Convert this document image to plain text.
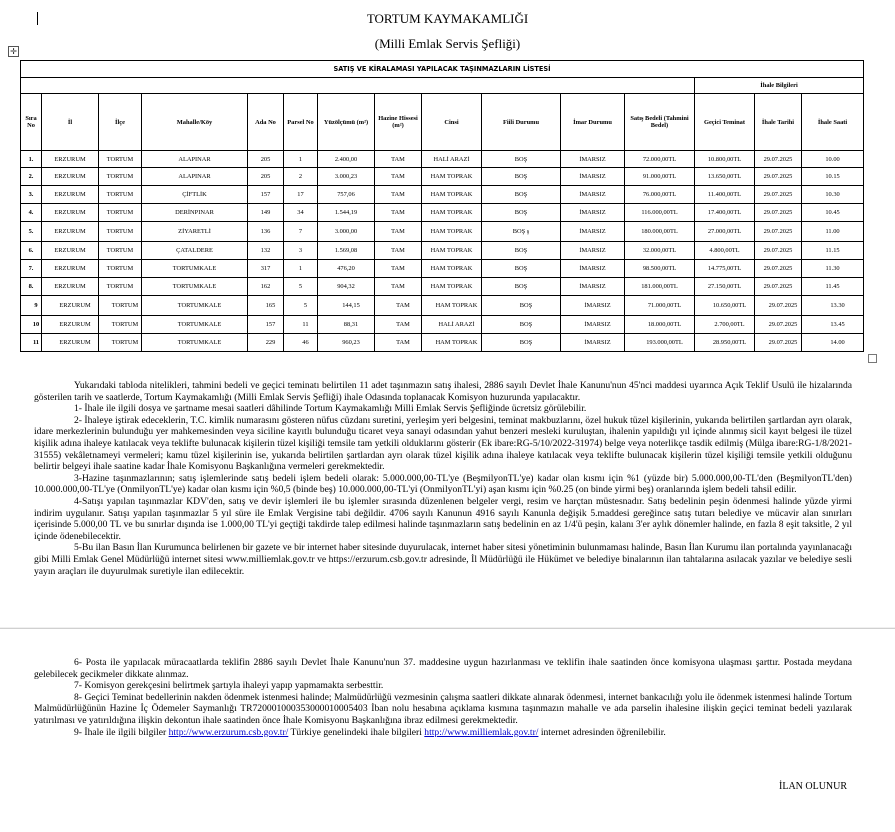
✛
TORTUM KAYMAKAMLIĞI
(Milli Emlak Servis Şefliği)
SATIŞ VE KİRALAMASI YAPILACAK TAŞINMAZLARIN LİSTESİ
	İhale Bilgileri
Sıra No	İl	İlçe	Mahalle/Köy	Ada No	Parsel No	Yüzölçümü (m²)	Hazine Hissesi (m²)	Cinsi	Fiili Durumu	İmar Durumu	Satış Bedeli (Tahmini Bedel)	Geçici Teminat	İhale Tarihi	İhale Saati
1.	ERZURUM	TORTUM	ALAPINAR	205	1	2.400,00	TAM	HALİ ARAZİ	BOŞ	İMARSIZ	72.000,00TL	10.800,00TL	29.07.2025	10.00
2.	ERZURUM	TORTUM	ALAPINAR	205	2	3.000,23	TAM	HAM TOPRAK	BOŞ	İMARSIZ	91.000,00TL	13.650,00TL	29.07.2025	10.15
3.	ERZURUM	TORTUM	ÇİFTLİK	157	17	757,06	TAM	HAM TOPRAK	BOŞ	İMARSIZ	76.000,00TL	11.400,00TL	29.07.2025	10.30
4.	ERZURUM	TORTUM	DERİNPINAR	149	34	1.544,19	TAM	HAM TOPRAK	BOŞ	İMARSIZ	116.000,00TL	17.400,00TL	29.07.2025	10.45
5.	ERZURUM	TORTUM	ZİYARETLİ	136	7	3.000,00	TAM	HAM TOPRAK	BOŞ ş	İMARSIZ	180.000,00TL	27.000,00TL	29.07.2025	11.00
6.	ERZURUM	TORTUM	ÇATALDERE	132	3	1.569,08	TAM	HAM TOPRAK	BOŞ	İMARSIZ	32.000,00TL	4.800,00TL	29.07.2025	11.15
7.	ERZURUM	TORTUM	TORTUMKALE	317	1	476,20	TAM	HAM TOPRAK	BOŞ	İMARSIZ	98.500,00TL	14.775,00TL	29.07.2025	11.30
8.	ERZURUM	TORTUM	TORTUMKALE	162	5	904,32	TAM	HAM TOPRAK	BOŞ	İMARSIZ	181.000,00TL	27.150,00TL	29.07.2025	11.45
9	ERZURUM	TORTUM	TORTUMKALE	165	5	144,15	TAM	HAM TOPRAK	BOŞ	İMARSIZ	71.000,00TL	10.650,00TL	29.07.2025	13.30
10	ERZURUM	TORTUM	TORTUMKALE	157	11	88,31	TAM	HALİ ARAZİ	BOŞ	İMARSIZ	18.000,00TL	2.700,00TL	29.07.2025	13.45
11	ERZURUM	TORTUM	TORTUMKALE	229	46	960,23	TAM	HAM TOPRAK	BOŞ	İMARSIZ	193.000,00TL	28.950,00TL	29.07.2025	14.00

Yukarıdaki tabloda nitelikleri, tahmini bedeli ve geçici teminatı belirtilen 11 adet taşınmazın satış ihalesi, 2886 sayılı Devlet İhale Kanunu'nun 45'nci maddesi uyarınca Açık Teklif Usulü ile hizalarında gösterilen tarih ve saatlerde, Tortum Kaymakamlığı (Milli Emlak Servis Şefliği) ihale Odasında toplanacak Komisyon huzurunda yapılacaktır.

1- İhale ile ilgili dosya ve şartname mesai saatleri dâhilinde Tortum Kaymakamlığı Milli Emlak Servis Şefliğinde ücretsiz görülebilir.

2- İhaleye iştirak edeceklerin, T.C. kimlik numarasını gösteren nüfus cüzdanı suretini, yerleşim yeri belgesini, teminat makbuzlarını, özel hukuk tüzel kişilerinin, yukarıda belirtilen şartlardan ayrı olarak, idare merkezlerinin bulunduğu yer mahkemesinden veya siciline kayıtlı bulunduğu ticaret veya sanayi odasından yahut benzeri mesleki kuruluştan, ihalenin yapıldığı yıl içinde alınmış sicil kayıt belgesi ile tüzel kişilik adına ihaleye katılacak veya teklifte bulunacak kişilerin tüzel kişiliği temsile tam yetkili olduklarını gösterir (Ek ibare:RG-5/10/2022-31974) belge veya noterlikçe tasdik edilmiş (Mülga ibare:RG-1/8/2021-31555) vekâletnameyi vermeleri; kamu tüzel kişilerinin ise, yukarıda belirtilen şartlardan ayrı olarak tüzel kişilik adına ihaleye katılacak veya teklifte bulunacak kişilerin tüzel kişiliği temsile yetkili olduğunu belirtir belgeyi ihale saatine kadar İhale Komisyonu Başkanlığına vermeleri gerekmektedir.

3-Hazine taşınmazlarının; satış işlemlerinde satış bedeli işlem bedeli olarak: 5.000.000,00-TL'ye (BeşmilyonTL'ye) kadar olan kısmı için %1 (yüzde bir) 5.000.000,00-TL'den (BeşmilyonTL'den) 10.000.000,00-TL'ye (OnmilyonTL'ye) kadar olan kısmı için %0,5 (binde beş) 10.000.000,00-TL'yi (OnmilyonTL'yi) aşan kısmı için %0.25 (on binde yirmi beş) oranlarında işlem bedeli tahsil edilir.

4-Satışı yapılan taşınmazlar KDV'den, satış ve devir işlemleri ile bu işlemler sırasında düzenlenen belgeler vergi, resim ve harçtan müstesnadır. Satış bedelinin peşin ödenmesi halinde yüzde yirmi indirim uygulanır. Satışı yapılan taşınmazlar 5 yıl süre ile Emlak Vergisine tabi değildir. 4706 sayılı Kanunun 4916 sayılı Kanunla değişik 5.maddesi gereğince satış tutarı belediye ve mücavir alan sınırları içerisinde 5.000,00 TL ve bu sınırlar dışında ise 1.000,00 TL'yi geçtiği takdirde talep edilmesi halinde taşınmazların satış bedelinin en az 1/4'ü peşin, kalanı 3'er aylık dönemler halinde, en fazla 8 eşit taksitle, 2 yıl içinde ödenebilecektir.

5-Bu ilan Basın İlan Kurumunca belirlenen bir gazete ve bir internet haber sitesinde duyurulacak, internet haber sitesi yönetiminin bulunmaması halinde, Basın İlan Kurumu ilan portalında yayınlanacağı gibi Milli Emlak Genel Müdürlüğü internet sitesi www.milliemlak.gov.tr ve https://erzurum.csb.gov.tr adresinde, İl Müdürlüğü ile Hükümet ve belediye binalarının ilan tahtalarına asılacak yazılar ve belediye sesli yayın araçları ile duyurulmak suretiyle ilan edilecektir.

6- Posta ile yapılacak müracaatlarda teklifin 2886 sayılı Devlet İhale Kanunu'nun 37. maddesine uygun hazırlanması ve teklifin ihale saatinden önce komisyona ulaşması şarttır. Postada meydana gelebilecek gecikmeler dikkate alınmaz.

7- Komisyon gerekçesini belirtmek şartıyla ihaleyi yapıp yapmamakta serbesttir.

8- Geçici Teminat bedellerinin nakden ödenmek istenmesi halinde; Malmüdürlüğü vezmesinin çalışma saatleri dikkate alınarak ödenmesi, internet bankacılığı yolu ile ödenmek istenmesi halinde Tortum Malmüdürlüğünün Hazine İç Ödemeler Saymanlığı TR720001000353000010005403 İban nolu hesabına açıklama kısmına taşınmazın mahalle ve ada parselin ihalesine ilişkin geçici teminat bedeli yazılarak yatırılması ve yatırıldığına ilişkin dekontun ihale saatinden önce İhale Komisyonu Başkanlığına ibraz edilmesi gerekmektedir.

9- İhale ile ilgili bilgiler http://www.erzurum.csb.gov.tr/ Türkiye genelindeki ihale bilgileri http://www.milliemlak.gov.tr/ internet adresinden öğrenilebilir.

İLAN OLUNUR
